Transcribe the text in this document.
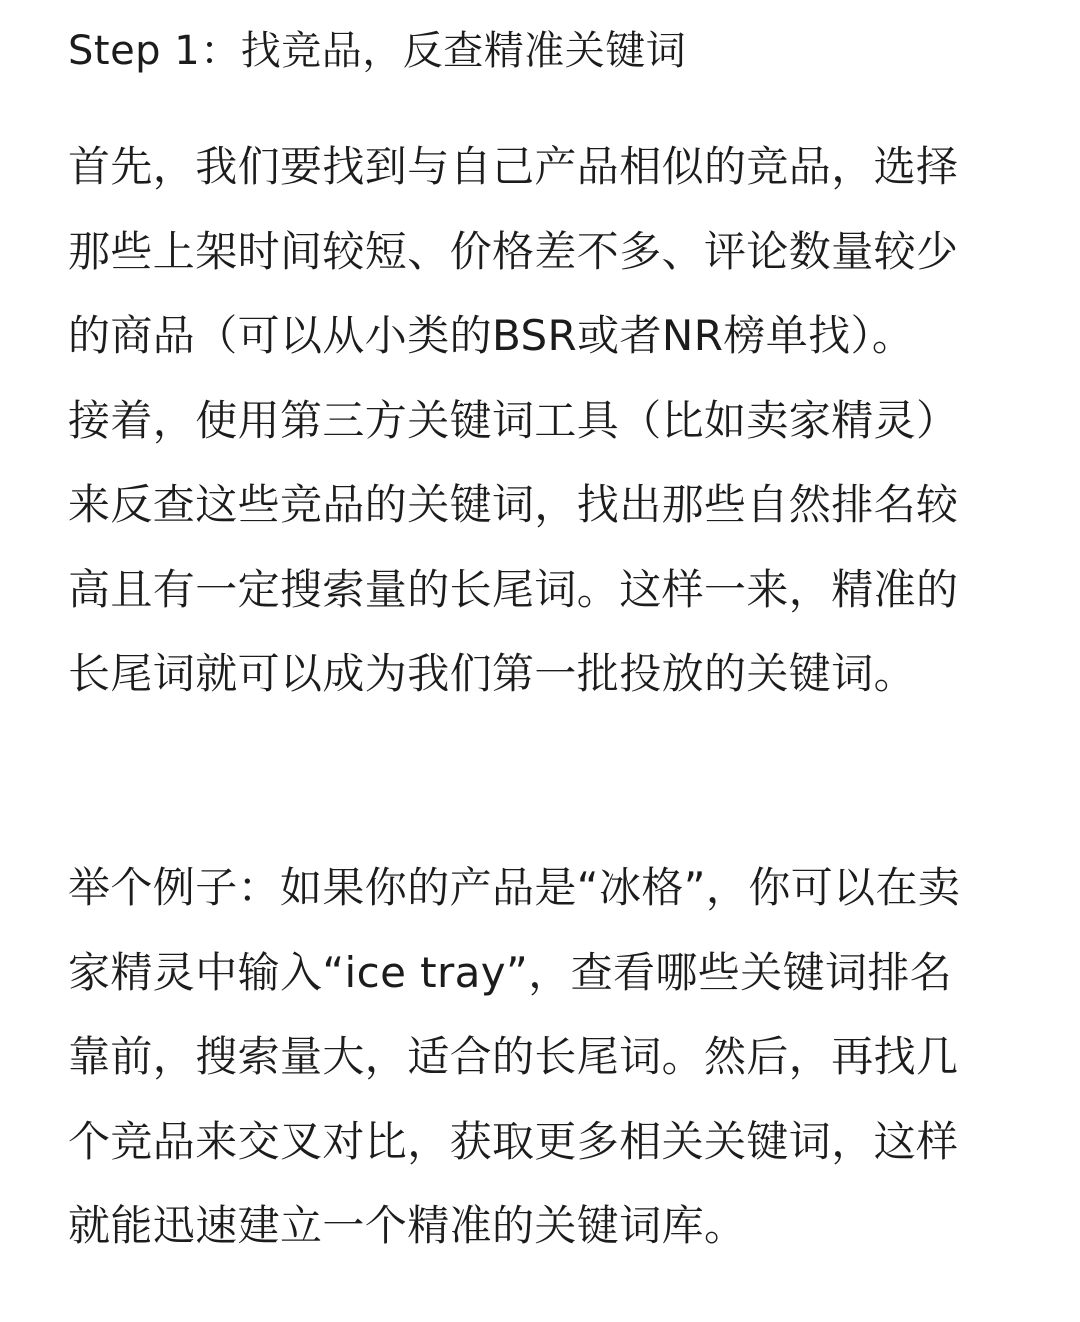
Step 1：找竞品，反查精准关键词
首先，我们要找到与自己产品相似的竞品，选择
那些上架时间较短、价格差不多、评论数量较少
的商品（可以从小类的BSR或者NR榜单找）。
接着，使用第三方关键词工具（比如卖家精灵）
来反查这些竞品的关键词，找出那些自然排名较
高且有一定搜索量的长尾词。这样一来，精准的
长尾词就可以成为我们第一批投放的关键词。
举个例子：如果你的产品是“冰格”，你可以在卖
家精灵中输入“ice tray”，查看哪些关键词排名
靠前，搜索量大，适合的长尾词。然后，再找几
个竞品来交叉对比，获取更多相关关键词，这样
就能迅速建立一个精准的关键词库。
